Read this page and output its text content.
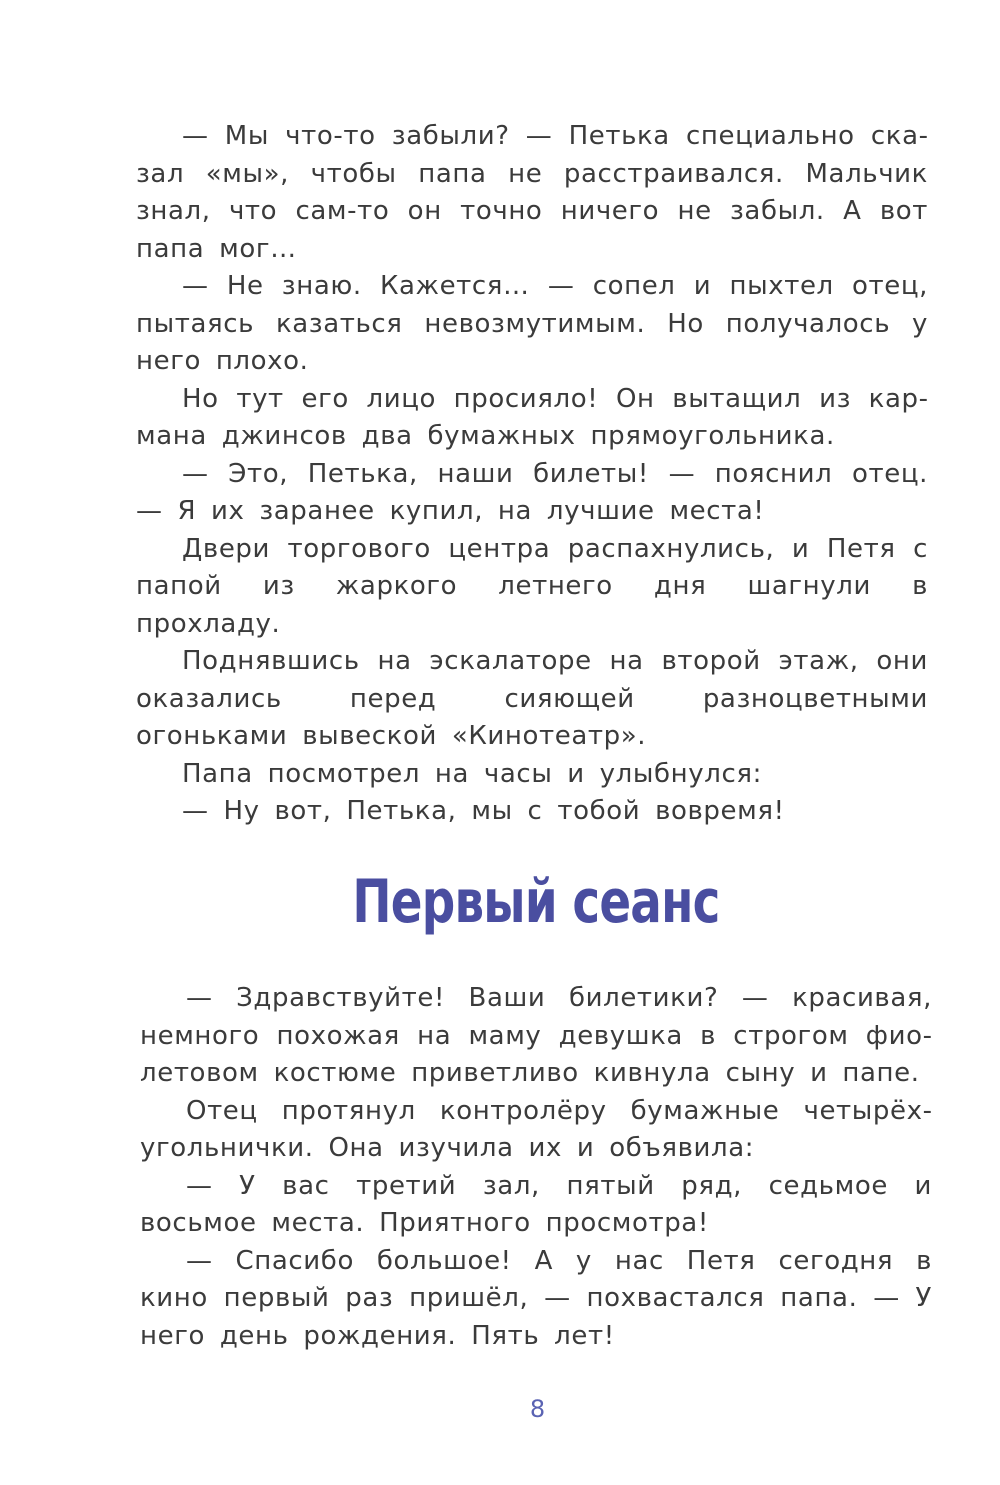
— Мы что-то забыли? — Петька специально сказал «мы», чтобы папа не расстраивался. Мальчик знал, что сам-то он точно ничего не забыл. А вот папа мог…

— Не знаю. Кажется… — сопел и пыхтел отец, пытаясь казаться невозмутимым. Но получалось у него плохо.

Но тут его лицо просияло! Он вытащил из кармана джинсов два бумажных прямоугольника.

— Это, Петька, наши билеты! — пояснил отец. — Я их заранее купил, на лучшие места!

Двери торгового центра распахнулись, и Петя с папой из жаркого летнего дня шагнули в прохладу.

Поднявшись на эскалаторе на второй этаж, они оказались перед сияющей разноцветными огоньками вывеской «Кинотеатр».

Папа посмотрел на часы и улыбнулся:

— Ну вот, Петька, мы с тобой вовремя!

Первый сеанс

— Здравствуйте! Ваши билетики? — красивая, немного похожая на маму девушка в строгом фиолетовом костюме приветливо кивнула сыну и папе.

Отец протянул контролёру бумажные четырёхугольнички. Она изучила их и объявила:

— У вас третий зал, пятый ряд, седьмое и восьмое места. Приятного просмотра!

— Спасибо большое! А у нас Петя сегодня в кино первый раз пришёл, — похвастался папа. — У него день рождения. Пять лет!

8
